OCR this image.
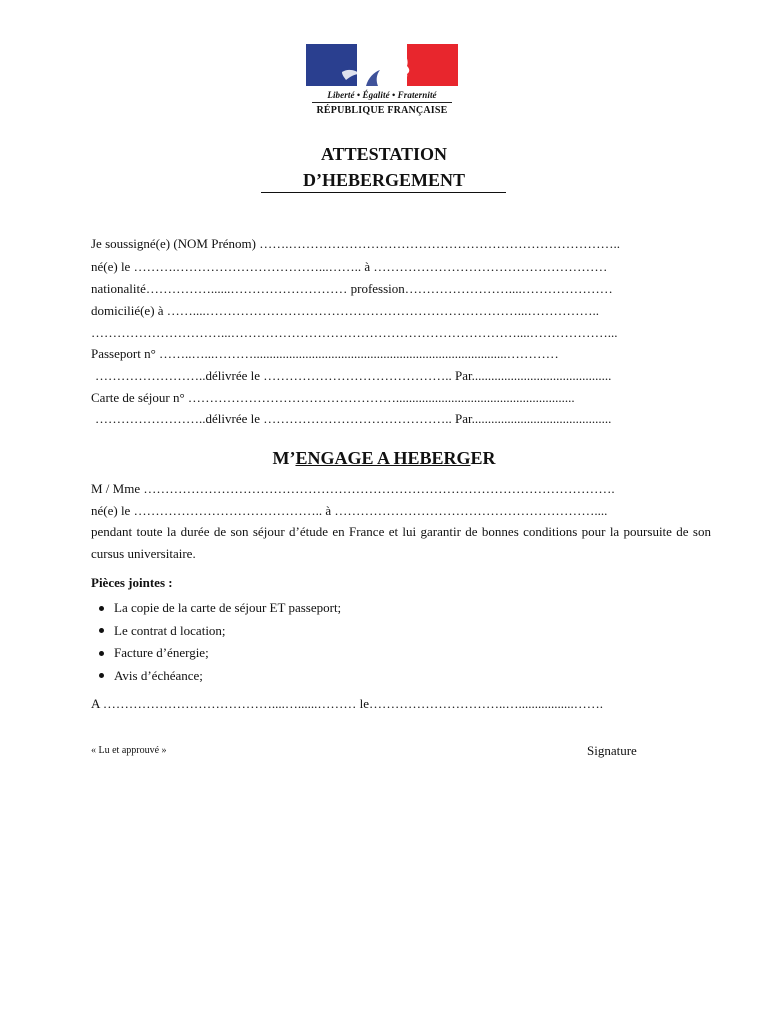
Liberté • Égalité • Fraternité
RÉPUBLIQUE FRANÇAISE
ATTESTATION
D’HEBERGEMENT
Je soussigné(e) (NOM Prénom) …….…………………………………………………………………..
né(e) le ……….……………………………...…….. à ………………………………………………
nationalité……………......……………………… profession……………………....…………………
domicilié(e) à ……....………………………………………………………………...……………..
…………………………...…………………………………………………………....………………...
Passeport n° ……..…...………..............................................................................…………
……………………..délivrée le …………………………………….. Par...........................................
Carte de séjour n° ………………………………………….......................................................
……………………..délivrée le …………………………………….. Par...........................................
M’ENGAGE A HEBERGER
M / Mme ……………………………………………………………………………………………….
né(e) le …………………………………….. à ……………………………………………………....
pendant toute la durée de son séjour d’étude en France et lui garantir de bonnes conditions pour la poursuite de son cursus universitaire.
Pièces jointes :
La copie de la carte de séjour ET passeport;
Le contrat d location;
Facture d’énergie;
Avis d’échéance;
A …………………………………....…......……… le…………………………..….................…….
« Lu et approuvé »	Signature
